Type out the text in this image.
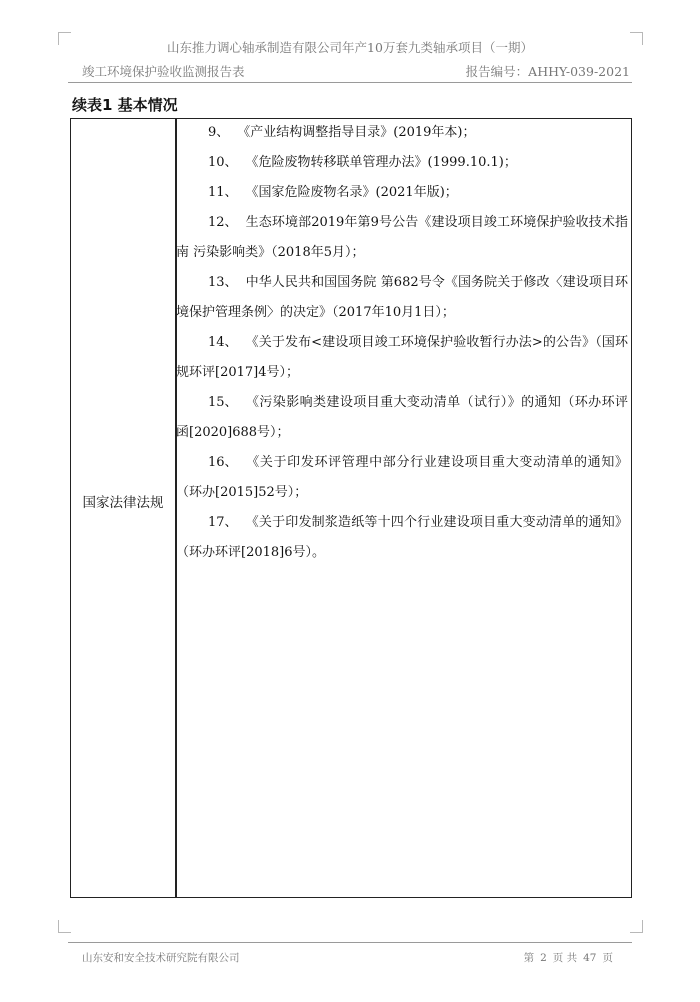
山东推力调心轴承制造有限公司年产10万套九类轴承项目（一期）
竣工环境保护验收监测报告表	报告编号：AHHY-039-2021
续表1 基本情况
国家法律法规
9、 《产业结构调整指导目录》(2019年本)；
10、 《危险废物转移联单管理办法》(1999.10.1)；
11、 《国家危险废物名录》(2021年版)；
12、 生态环境部2019年第9号公告《建设项目竣工环境保护验收技术指南 污染影响类》（2018年5月）；
13、 中华人民共和国国务院 第682号令《国务院关于修改〈建设项目环境保护管理条例〉的决定》（2017年10月1日）；
14、 《关于发布<建设项目竣工环境保护验收暂行办法>的公告》（国环规环评[2017]4号）；
15、 《污染影响类建设项目重大变动清单（试行）》的通知（环办环评函[2020]688号）；
16、 《关于印发环评管理中部分行业建设项目重大变动清单的通知》（环办[2015]52号）；
17、 《关于印发制浆造纸等十四个行业建设项目重大变动清单的通知》（环办环评[2018]6号）。
山东安和安全技术研究院有限公司	第 2 页 共 47 页
